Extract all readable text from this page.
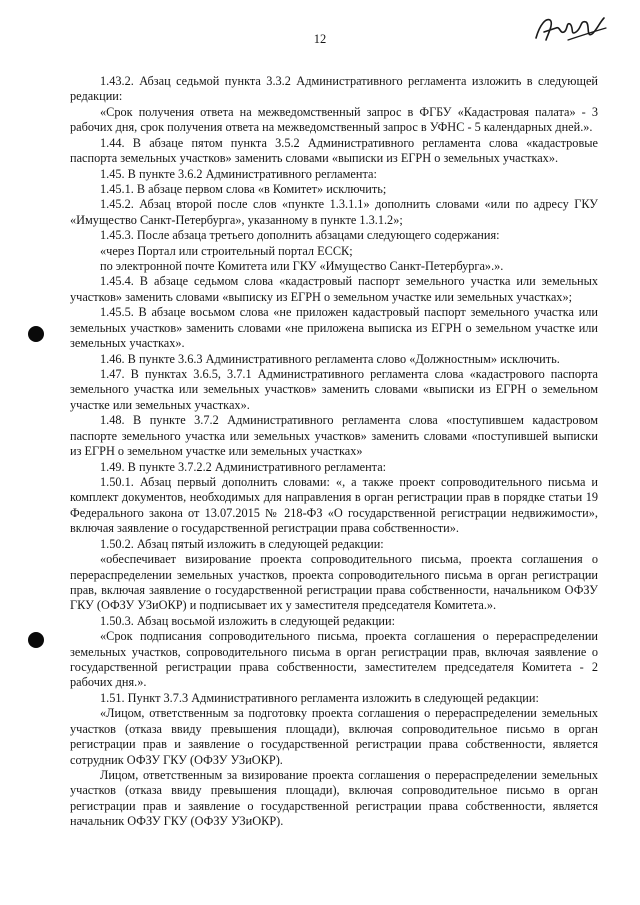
12

1.43.2. Абзац седьмой пункта 3.3.2 Административного регламента изложить в следующей редакции:

«Срок получения ответа на межведомственный запрос в ФГБУ «Кадастровая палата» - 3 рабочих дня, срок получения ответа на межведомственный запрос в УФНС - 5 календарных дней.».

1.44. В абзаце пятом пункта 3.5.2 Административного регламента слова «кадастровые паспорта земельных участков» заменить словами «выписки из ЕГРН о земельных участках».

1.45. В пункте 3.6.2 Административного регламента:

1.45.1. В абзаце первом слова «в Комитет» исключить;

1.45.2. Абзац второй после слов «пункте 1.3.1.1» дополнить словами «или по адресу ГКУ «Имущество Санкт-Петербурга», указанному в пункте 1.3.1.2»;

1.45.3. После абзаца третьего дополнить абзацами следующего содержания:

«через Портал или строительный портал ЕССК;

по электронной почте Комитета или ГКУ «Имущество Санкт-Петербурга».».

1.45.4. В абзаце седьмом слова «кадастровый паспорт земельного участка или земельных участков» заменить словами «выписку из ЕГРН о земельном участке или земельных участках»;

1.45.5. В абзаце восьмом слова «не приложен кадастровый паспорт земельного участка или земельных участков» заменить словами «не приложена выписка из ЕГРН о земельном участке или земельных участках».

1.46. В пункте 3.6.3 Административного регламента слово «Должностным» исключить.

1.47. В пунктах 3.6.5, 3.7.1 Административного регламента слова «кадастрового паспорта земельного участка или земельных участков» заменить словами «выписки из ЕГРН о земельном участке или земельных участках».

1.48. В пункте 3.7.2 Административного регламента слова «поступившем кадастровом паспорте земельного участка или земельных участков» заменить словами «поступившей выписки из ЕГРН о земельном участке или земельных участках»

1.49. В пункте 3.7.2.2 Административного регламента:

1.50.1. Абзац первый дополнить словами: «, а также проект сопроводительного письма и комплект документов, необходимых для направления в орган регистрации прав в порядке статьи 19 Федерального закона от 13.07.2015 № 218-ФЗ «О государственной регистрации недвижимости», включая заявление о государственной регистрации права собственности».

1.50.2. Абзац пятый изложить в следующей редакции:

«обеспечивает визирование проекта сопроводительного письма, проекта соглашения о перераспределении земельных участков, проекта сопроводительного письма в орган регистрации прав, включая заявление о государственной регистрации права собственности, начальником ОФЗУ ГКУ (ОФЗУ УЗиОКР) и подписывает их у заместителя председателя Комитета.».

1.50.3. Абзац восьмой изложить в следующей редакции:

«Срок подписания сопроводительного письма, проекта соглашения о перераспределении земельных участков, сопроводительного письма в орган регистрации прав, включая заявление о государственной регистрации права собственности, заместителем председателя Комитета - 2 рабочих дня.».

1.51. Пункт 3.7.3 Административного регламента изложить в следующей редакции:

«Лицом, ответственным за подготовку проекта соглашения о перераспределении земельных участков (отказа ввиду превышения площади), включая сопроводительное письмо в орган регистрации прав и заявление о государственной регистрации права собственности, является сотрудник ОФЗУ ГКУ (ОФЗУ УЗиОКР).

Лицом, ответственным за визирование проекта соглашения о перераспределении земельных участков (отказа ввиду превышения площади), включая сопроводительное письмо в орган регистрации прав и заявление о государственной регистрации права собственности, является начальник ОФЗУ ГКУ (ОФЗУ УЗиОКР).
